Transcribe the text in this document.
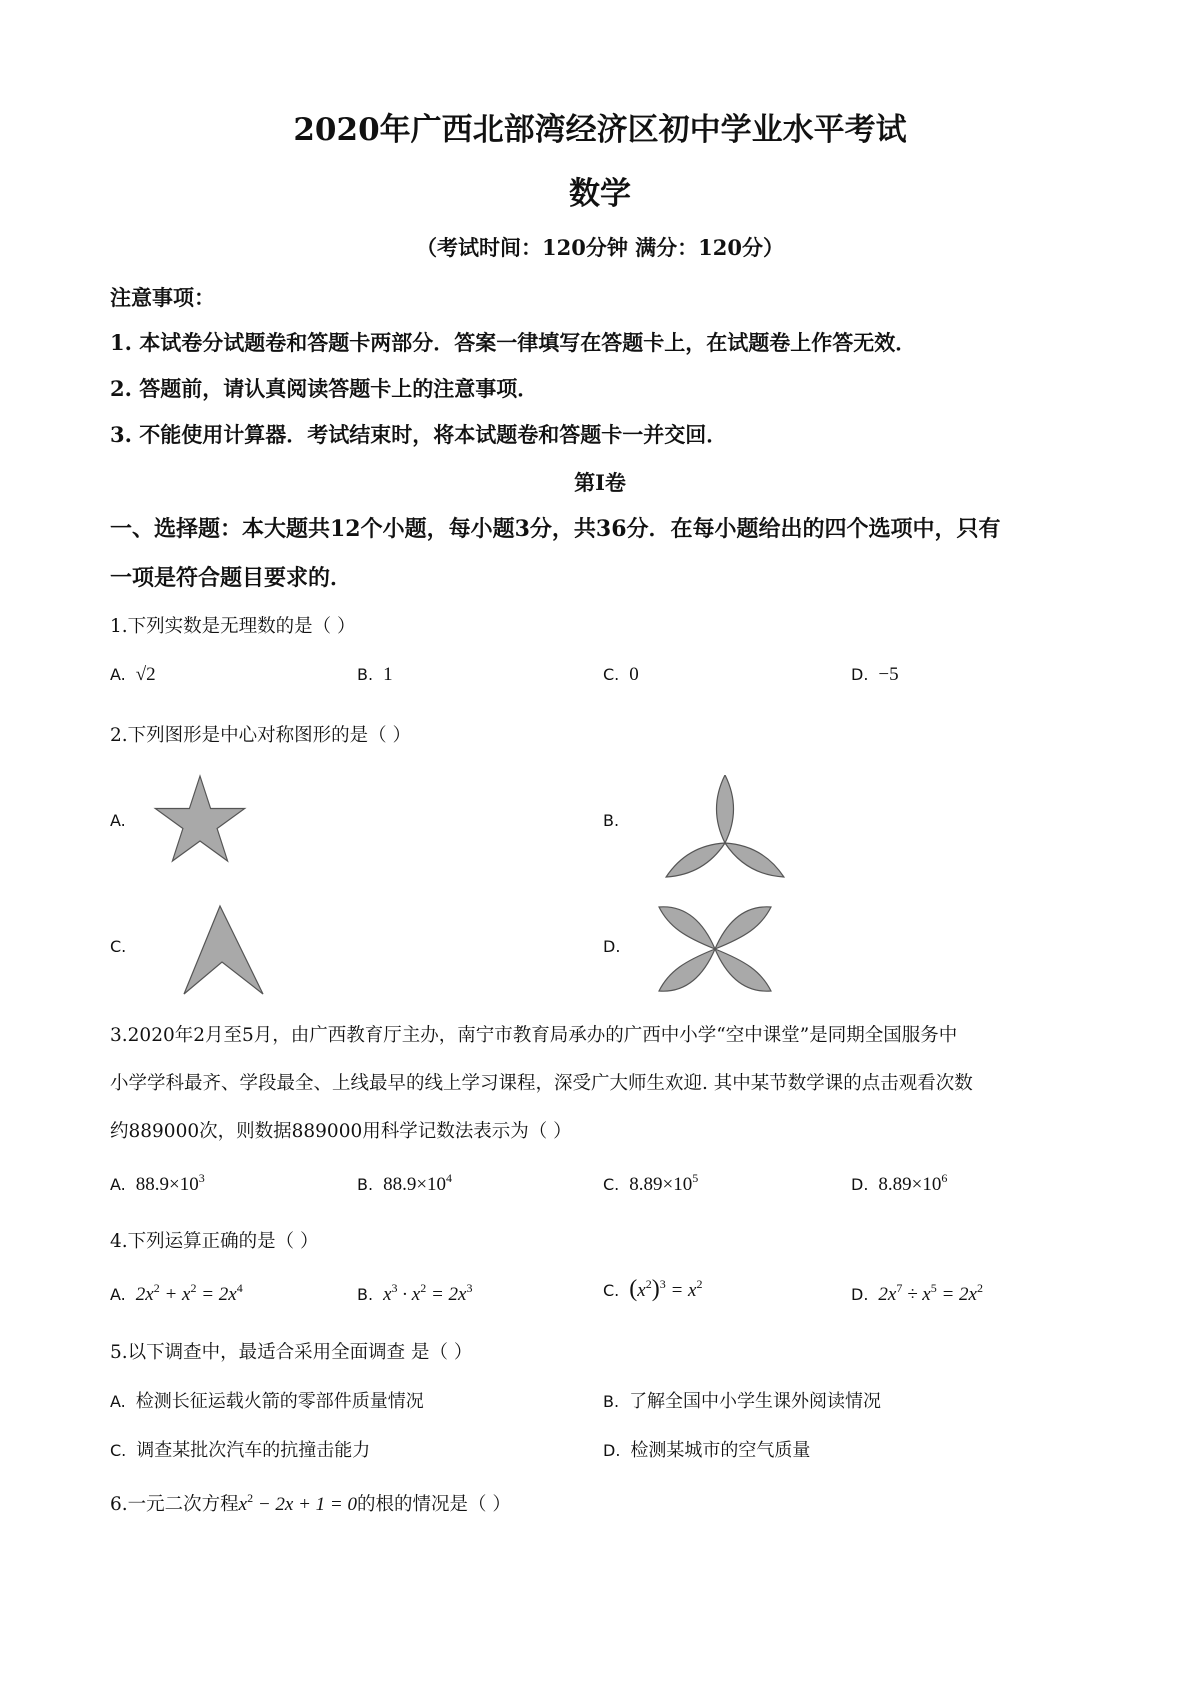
2020年广西北部湾经济区初中学业水平考试
数学
（考试时间：120分钟 满分：120分）
注意事项：
1. 本试卷分试题卷和答题卡两部分．答案一律填写在答题卡上，在试题卷上作答无效．
2. 答题前，请认真阅读答题卡上的注意事项．
3. 不能使用计算器．考试结束时，将本试题卷和答题卡一并交回．
第Ⅰ卷
一、选择题：本大题共12个小题，每小题3分，共36分．在每小题给出的四个选项中，只有
一项是符合题目要求的．
1.下列实数是无理数的是（ ）
A. √2	B. 1	C. 0	D. −5
2.下列图形是中心对称图形的是（ ）
A.	B.
C.	D.
3.2020年2月至5月，由广西教育厅主办，南宁市教育局承办的广西中小学“空中课堂”是同期全国服务中
小学学科最齐、学段最全、上线最早的线上学习课程，深受广大师生欢迎. 其中某节数学课的点击观看次数
约889000次，则数据889000用科学记数法表示为（ ）
A. $88.9\times 10^3$	B. $88.9\times 10^4$	C. $8.89\times 10^5$	D. $8.89\times 10^6$
4.下列运算正确的是（ ）
A. $2x^2 + x^2 = 2x^4$	B. $x^3 \cdot x^2 = 2x^3$	C. $(x^2)^3 = x^2$
D. $2x^7 \div x^5 = 2x^2$
5.以下调查中，最适合采用全面调查 是（ ）
A. 检测长征运载火箭的零部件质量情况	B. 了解全国中小学生课外阅读情况
C. 调查某批次汽车的抗撞击能力	D. 检测某城市的空气质量
6.一元二次方程$x^2 - 2x + 1 = 0$的根的情况是（ ）
